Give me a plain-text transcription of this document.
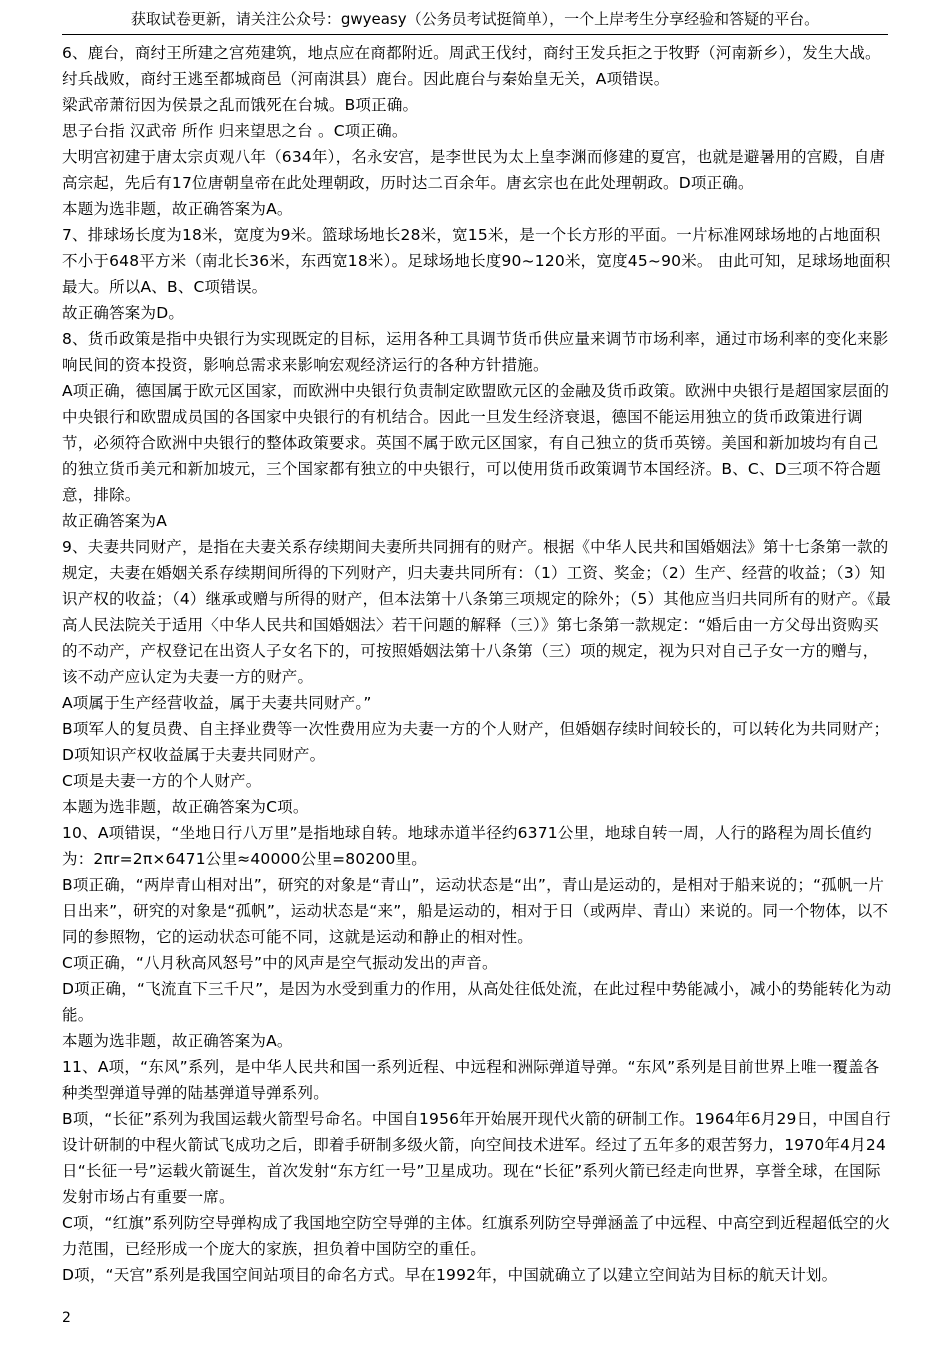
获取试卷更新，请关注公众号：gwyeasy（公务员考试挺简单），一个上岸考生分享经验和答疑的平台。

6、鹿台，商纣王所建之宫苑建筑，地点应在商都附近。周武王伐纣，商纣王发兵拒之于牧野（河南新乡），发生大战。纣兵战败，商纣王逃至都城商邑（河南淇县）鹿台。因此鹿台与秦始皇无关，A项错误。

梁武帝萧衍因为侯景之乱而饿死在台城。B项正确。

思子台指 汉武帝 所作 归来望思之台 。C项正确。

大明宫初建于唐太宗贞观八年（634年），名永安宫，是李世民为太上皇李渊而修建的夏宫，也就是避暑用的宫殿，自唐高宗起，先后有17位唐朝皇帝在此处理朝政，历时达二百余年。唐玄宗也在此处理朝政。D项正确。

本题为选非题，故正确答案为A。

7、排球场长度为18米，宽度为9米。篮球场地长28米，宽15米，是一个长方形的平面。一片标准网球场地的占地面积不小于648平方米（南北长36米，东西宽18米）。足球场地长度90~120米，宽度45~90米。 由此可知，足球场地面积最大。所以A、B、C项错误。

故正确答案为D。

8、货币政策是指中央银行为实现既定的目标，运用各种工具调节货币供应量来调节市场利率，通过市场利率的变化来影响民间的资本投资，影响总需求来影响宏观经济运行的各种方针措施。

A项正确，德国属于欧元区国家，而欧洲中央银行负责制定欧盟欧元区的金融及货币政策。欧洲中央银行是超国家层面的中央银行和欧盟成员国的各国家中央银行的有机结合。因此一旦发生经济衰退，德国不能运用独立的货币政策进行调节，必须符合欧洲中央银行的整体政策要求。英国不属于欧元区国家，有自己独立的货币英镑。美国和新加坡均有自己的独立货币美元和新加坡元，三个国家都有独立的中央银行，可以使用货币政策调节本国经济。B、C、D三项不符合题意，排除。

故正确答案为A

9、夫妻共同财产，是指在夫妻关系存续期间夫妻所共同拥有的财产。根据《中华人民共和国婚姻法》第十七条第一款的规定，夫妻在婚姻关系存续期间所得的下列财产，归夫妻共同所有：（1）工资、奖金；（2）生产、经营的收益；（3）知识产权的收益；（4）继承或赠与所得的财产，但本法第十八条第三项规定的除外；（5）其他应当归共同所有的财产。《最高人民法院关于适用〈中华人民共和国婚姻法〉若干问题的解释（三）》第七条第一款规定：“婚后由一方父母出资购买的不动产，产权登记在出资人子女名下的，可按照婚姻法第十八条第（三）项的规定，视为只对自己子女一方的赠与，该不动产应认定为夫妻一方的财产。

A项属于生产经营收益，属于夫妻共同财产。”

B项军人的复员费、自主择业费等一次性费用应为夫妻一方的个人财产，但婚姻存续时间较长的，可以转化为共同财产；

D项知识产权收益属于夫妻共同财产。

C项是夫妻一方的个人财产。

本题为选非题，故正确答案为C项。

10、A项错误，“坐地日行八万里”是指地球自转。地球赤道半径约6371公里，地球自转一周，人行的路程为周长值约为：2πr=2π×6471公里≈40000公里=80200里。

B项正确，“两岸青山相对出”，研究的对象是“青山”，运动状态是“出”，青山是运动的，是相对于船来说的；“孤帆一片日出来”，研究的对象是“孤帆”，运动状态是“来”，船是运动的，相对于日（或两岸、青山）来说的。同一个物体，以不同的参照物，它的运动状态可能不同，这就是运动和静止的相对性。

C项正确，“八月秋高风怒号”中的风声是空气振动发出的声音。

D项正确，“飞流直下三千尺”，是因为水受到重力的作用，从高处往低处流，在此过程中势能减小，减小的势能转化为动能。

本题为选非题，故正确答案为A。

11、A项，“东风”系列，是中华人民共和国一系列近程、中远程和洲际弹道导弹。“东风”系列是目前世界上唯一覆盖各种类型弹道导弹的陆基弹道导弹系列。

B项，“长征”系列为我国运载火箭型号命名。中国自1956年开始展开现代火箭的研制工作。1964年6月29日，中国自行设计研制的中程火箭试飞成功之后，即着手研制多级火箭，向空间技术进军。经过了五年多的艰苦努力，1970年4月24日“长征一号”运载火箭诞生，首次发射“东方红一号”卫星成功。现在“长征”系列火箭已经走向世界，享誉全球，在国际发射市场占有重要一席。

C项，“红旗”系列防空导弹构成了我国地空防空导弹的主体。红旗系列防空导弹涵盖了中远程、中高空到近程超低空的火力范围，已经形成一个庞大的家族，担负着中国防空的重任。

D项，“天宫”系列是我国空间站项目的命名方式。早在1992年，中国就确立了以建立空间站为目标的航天计划。

2
